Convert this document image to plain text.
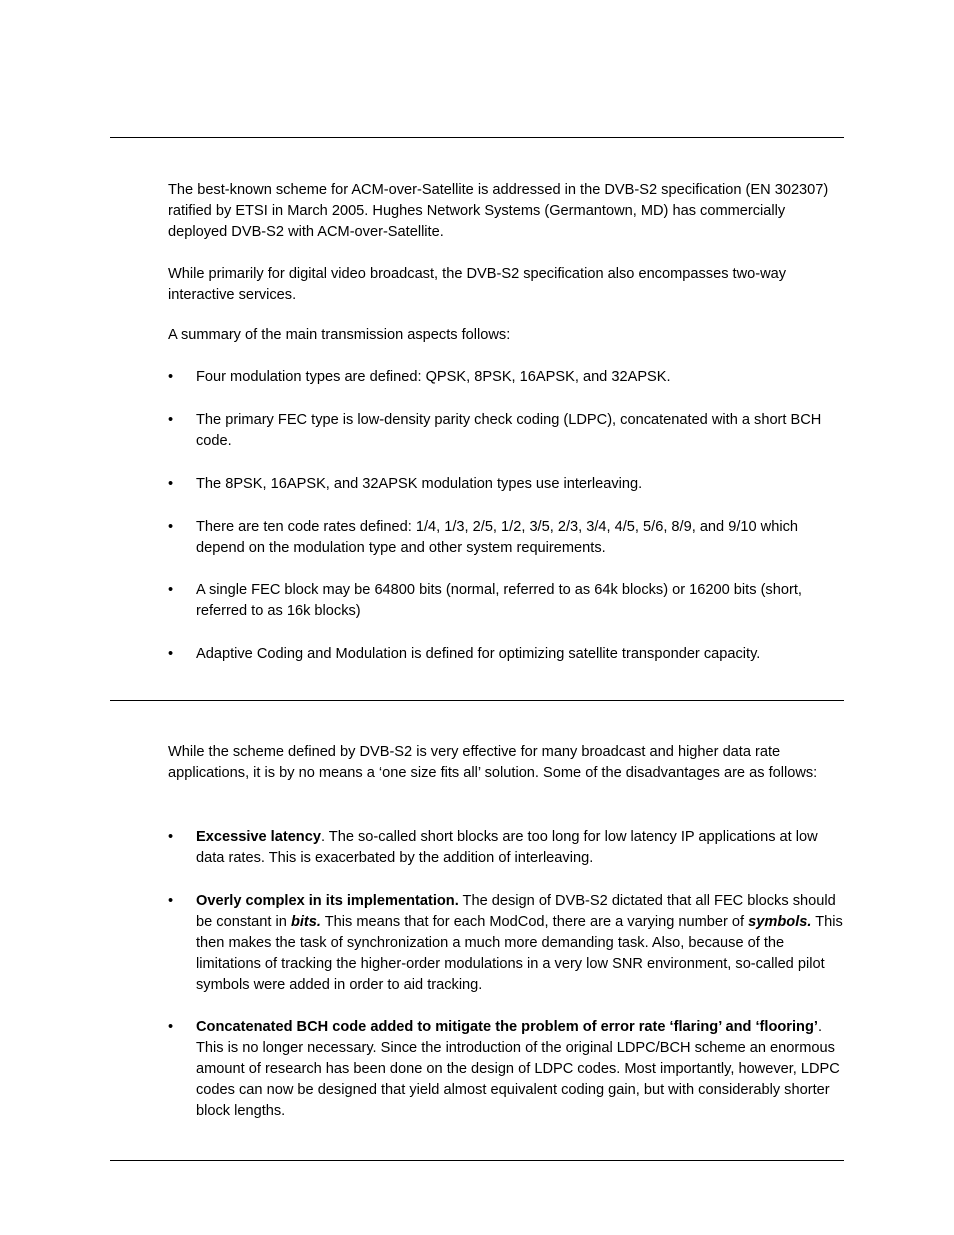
The best-known scheme for ACM-over-Satellite is addressed in the DVB-S2 specification (EN 302307) ratified by ETSI in March 2005. Hughes Network Systems (Germantown, MD) has commercially deployed DVB-S2 with ACM-over-Satellite.

While primarily for digital video broadcast, the DVB-S2 specification also encompasses two-way interactive services.

A summary of the main transmission aspects follows:

•	Four modulation types are defined: QPSK, 8PSK, 16APSK, and 32APSK.
•	The primary FEC type is low-density parity check coding (LDPC), concatenated with a short BCH code.
•	The 8PSK, 16APSK, and 32APSK modulation types use interleaving.
•	There are ten code rates defined: 1/4, 1/3, 2/5, 1/2, 3/5, 2/3, 3/4, 4/5, 5/6, 8/9, and 9/10 which depend on the modulation type and other system requirements.
•	A single FEC block may be 64800 bits (normal, referred to as 64k blocks) or 16200 bits (short, referred to as 16k blocks)
•	Adaptive Coding and Modulation is defined for optimizing satellite transponder capacity.

While the scheme defined by DVB-S2 is very effective for many broadcast and higher data rate applications, it is by no means a ‘one size fits all’ solution. Some of the disadvantages are as follows:

•	Excessive latency. The so-called short blocks are too long for low latency IP applications at low data rates. This is exacerbated by the addition of interleaving.
•	Overly complex in its implementation. The design of DVB-S2 dictated that all FEC blocks should be constant in bits. This means that for each ModCod, there are a varying number of symbols. This then makes the task of synchronization a much more demanding task. Also, because of the limitations of tracking the higher-order modulations in a very low SNR environment, so-called pilot symbols were added in order to aid tracking.
•	Concatenated BCH code added to mitigate the problem of error rate ‘flaring’ and ‘flooring’. This is no longer necessary. Since the introduction of the original LDPC/BCH scheme an enormous amount of research has been done on the design of LDPC codes. Most importantly, however, LDPC codes can now be designed that yield almost equivalent coding gain, but with considerably shorter block lengths.
